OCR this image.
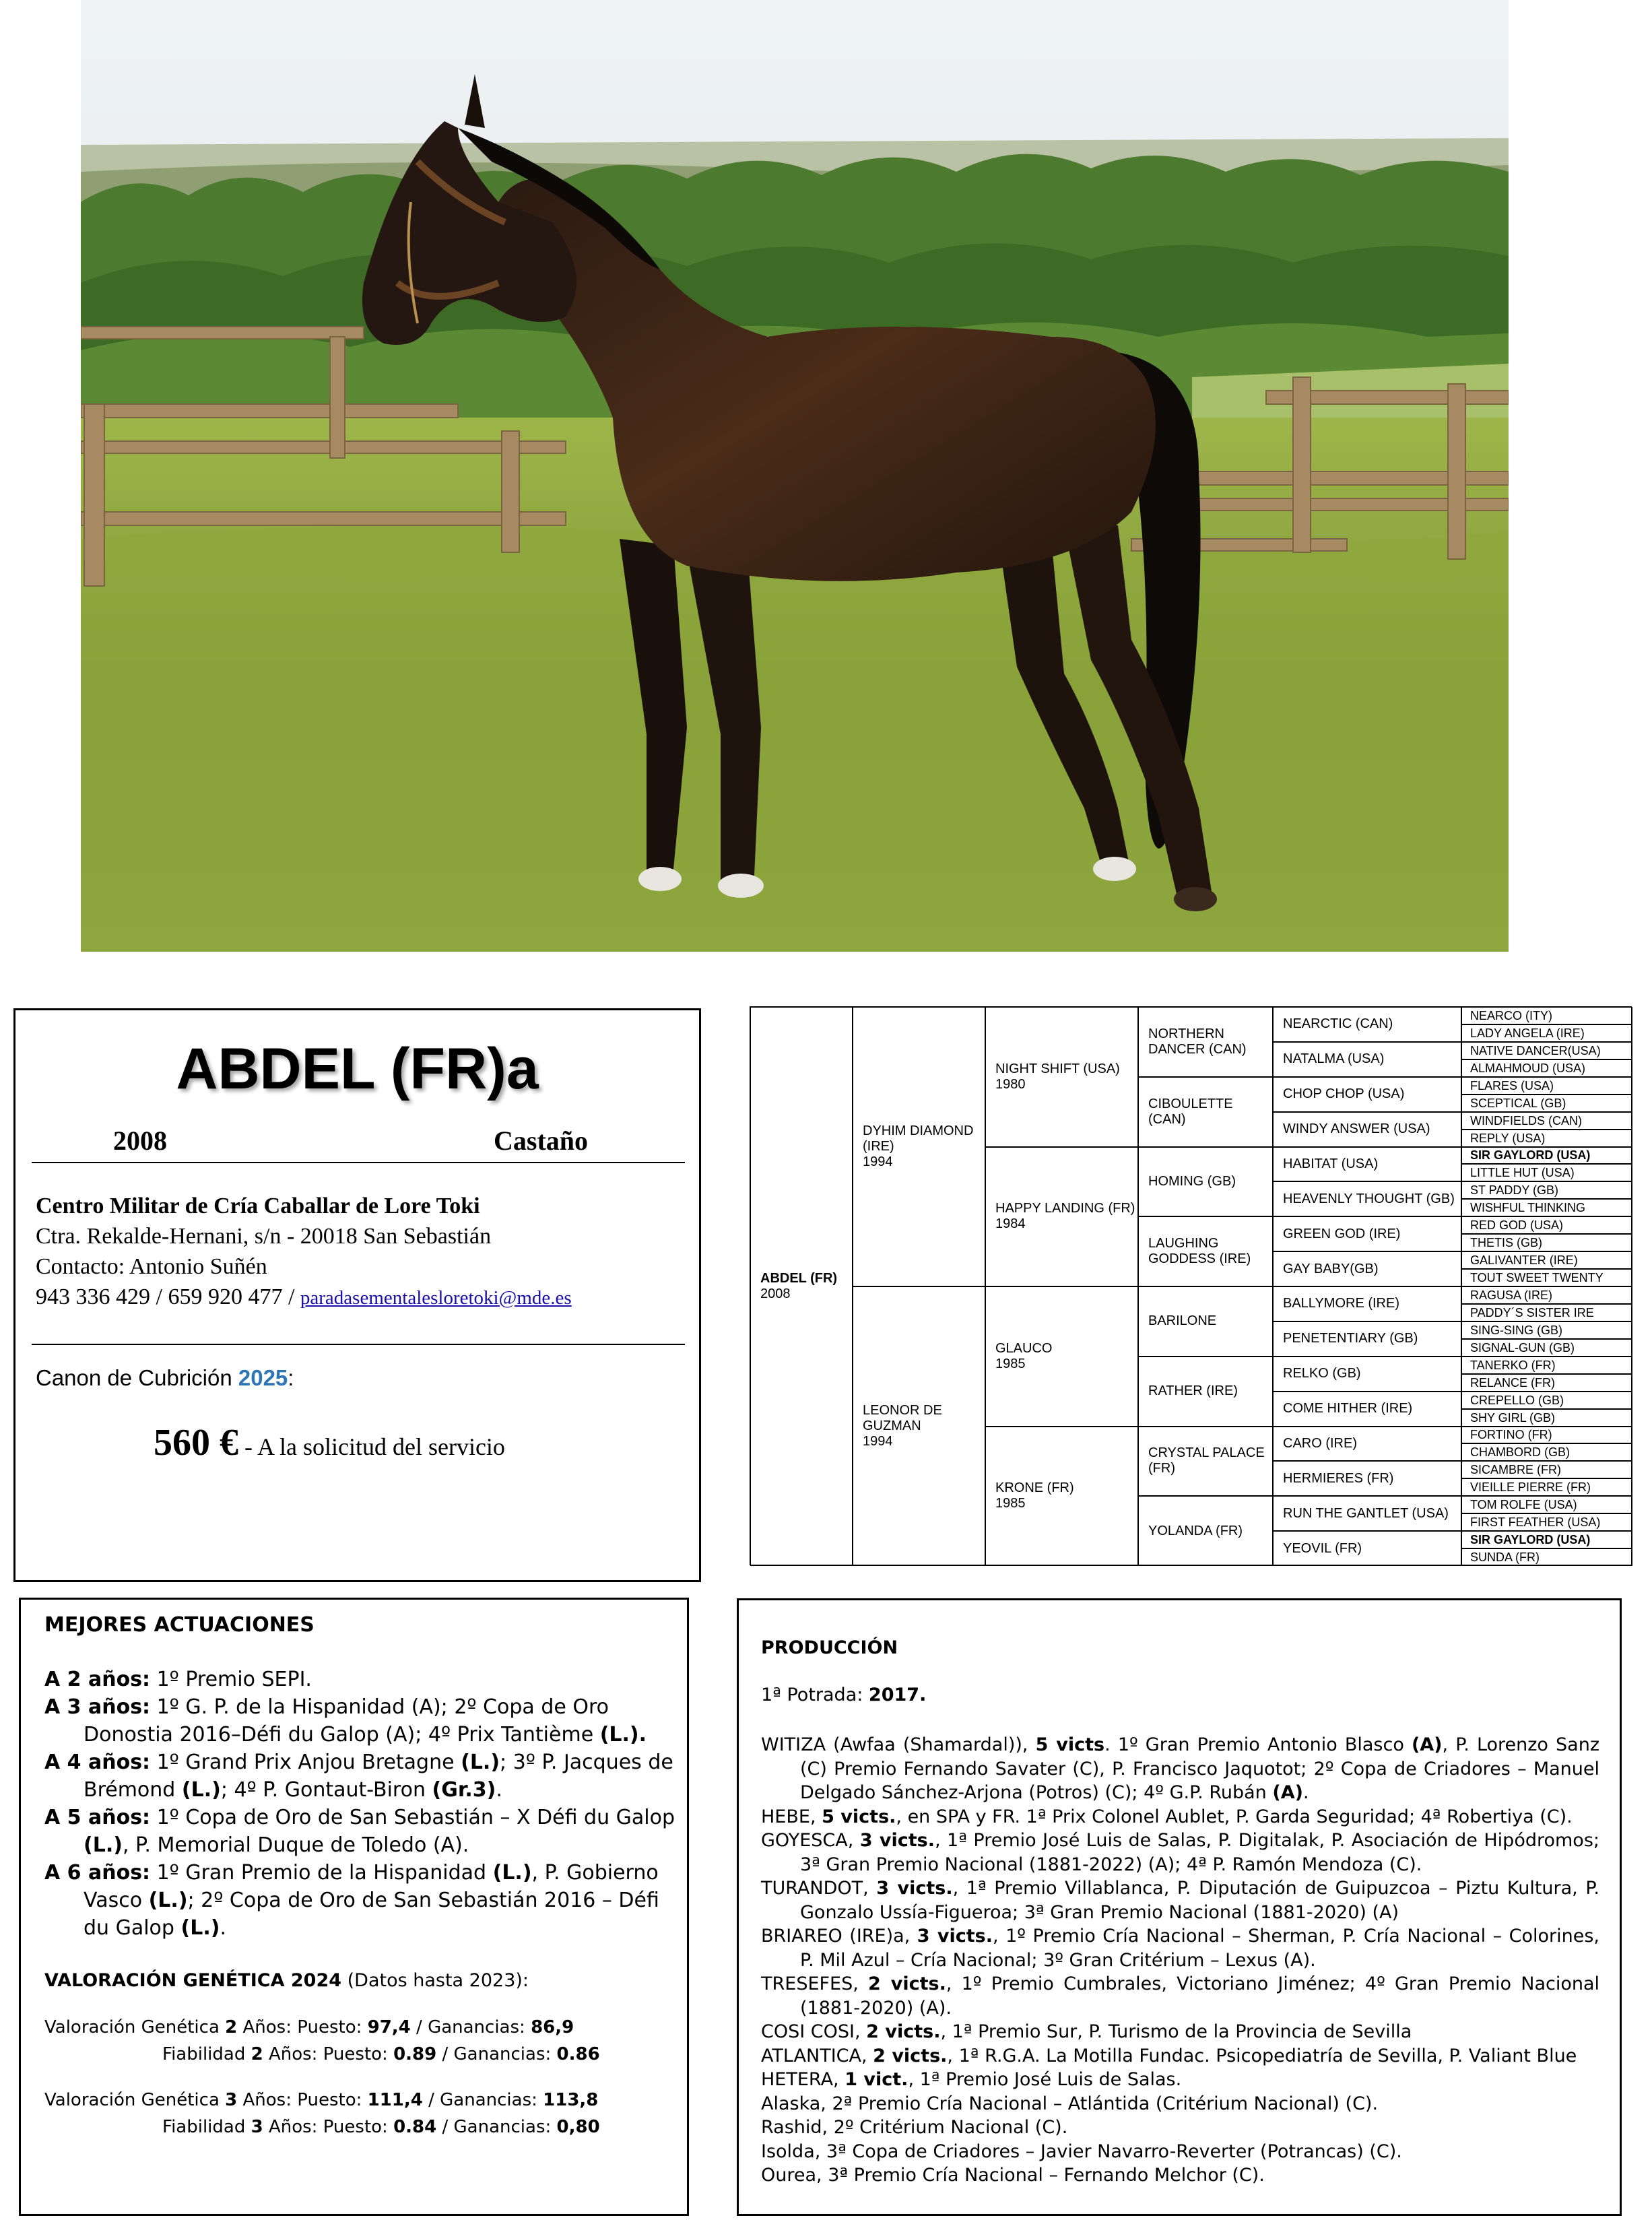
ABDEL (FR)a
2008	Castaño
Centro Militar de Cría Caballar de Lore Toki
Ctra. Rekalde-Hernani, s/n - 20018 San Sebastián
Contacto: Antonio Suñén
943 336 429 / 659 920 477 / paradasementaleslore​toki@mde.es
Canon de Cubrición 2025:
560 € - A la solicitud del servicio
ABDEL (FR)
2008
DYHIM DIAMOND (IRE)
1994
LEONOR DE GUZMAN
1994
NIGHT SHIFT (USA)
1980
HAPPY LANDING (FR)
1984
GLAUCO
1985
KRONE (FR)
1985
NORTHERN DANCER (CAN)
CIBOULETTE (CAN)
HOMING (GB)
LAUGHING GODDESS (IRE)
BARILONE
RATHER (IRE)
CRYSTAL PALACE (FR)
YOLANDA (FR)
NEARCTIC (CAN)
NATALMA (USA)
CHOP CHOP (USA)
WINDY ANSWER (USA)
HABITAT (USA)
HEAVENLY THOUGHT (GB)
GREEN GOD (IRE)
GAY BABY(GB)
BALLYMORE (IRE)
PENETENTIARY (GB)
RELKO (GB)
COME HITHER (IRE)
CARO (IRE)
HERMIERES (FR)
RUN THE GANTLET (USA)
YEOVIL (FR)
NEARCO (ITY)
LADY ANGELA (IRE)
NATIVE DANCER(USA)
ALMAHMOUD (USA)
FLARES (USA)
SCEPTICAL (GB)
WINDFIELDS (CAN)
REPLY (USA)
SIR GAYLORD (USA)
LITTLE HUT (USA)
ST PADDY (GB)
WISHFUL THINKING
RED GOD (USA)
THETIS (GB)
GALIVANTER (IRE)
TOUT SWEET TWENTY
RAGUSA (IRE)
PADDY´S SISTER IRE
SING-SING (GB)
SIGNAL-GUN (GB)
TANERKO (FR)
RELANCE (FR)
CREPELLO (GB)
SHY GIRL (GB)
FORTINO (FR)
CHAMBORD (GB)
SICAMBRE (FR)
VIEILLE PIERRE (FR)
TOM ROLFE (USA)
FIRST FEATHER (USA)
SIR GAYLORD (USA)
SUNDA (FR)
MEJORES ACTUACIONES
A 2 años: 1º Premio SEPI.
A 3 años: 1º G. P. de la Hispanidad (A); 2º Copa de Oro Donostia 2016–Défi du Galop (A); 4º Prix Tantième (L.).
A 4 años: 1º Grand Prix Anjou Bretagne (L.); 3º P. Jacques de Brémond (L.); 4º P. Gontaut-Biron (Gr.3).
A 5 años: 1º Copa de Oro de San Sebastián – X Défi du Galop (L.), P. Memorial Duque de Toledo (A).
A 6 años: 1º Gran Premio de la Hispanidad (L.), P. Gobierno Vasco (L.); 2º Copa de Oro de San Sebastián 2016 – Défi du Galop (L.).
VALORACIÓN GENÉTICA 2024 (Datos hasta 2023):
Valoración Genética 2 Años: Puesto: 97,4 / Ganancias: 86,9
Fiabilidad 2 Años: Puesto: 0.89 / Ganancias: 0.86
Valoración Genética 3 Años: Puesto: 111,4 / Ganancias: 113,8
Fiabilidad 3 Años: Puesto: 0.84 / Ganancias: 0,80
PRODUCCIÓN
1ª Potrada: 2017.
WITIZA (Awfaa (Shamardal)), 5 victs. 1º Gran Premio Antonio Blasco (A), P. Lorenzo Sanz (C) Premio Fernando Savater (C), P. Francisco Jaquotot; 2º Copa de Criadores – Manuel Delgado Sánchez-Arjona (Potros) (C); 4º G.P. Rubán (A).
HEBE, 5 victs., en SPA y FR. 1ª Prix Colonel Aublet, P. Garda Seguridad; 4ª Robertiya (C).
GOYESCA, 3 victs., 1ª Premio José Luis de Salas, P. Digitalak, P. Asociación de Hipódromos; 3ª Gran Premio Nacional (1881-2022) (A); 4ª P. Ramón Mendoza (C).
TURANDOT, 3 victs., 1ª Premio Villablanca, P. Diputación de Guipuzcoa – Piztu Kultura, P. Gonzalo Ussía-Figueroa; 3ª Gran Premio Nacional (1881-2020) (A)
BRIAREO (IRE)a, 3 victs., 1º Premio Cría Nacional – Sherman, P. Cría Nacional – Colorines, P. Mil Azul – Cría Nacional; 3º Gran Critérium – Lexus (A).
TRESEFES, 2 victs., 1º Premio Cumbrales, Victoriano Jiménez; 4º Gran Premio Nacional (1881-2020) (A).
COSI COSI, 2 victs., 1ª Premio Sur, P. Turismo de la Provincia de Sevilla
ATLANTICA, 2 victs., 1ª R.G.A. La Motilla Fundac. Psicopediatría de Sevilla, P. Valiant Blue
HETERA, 1 vict., 1ª Premio José Luis de Salas.
Alaska, 2ª Premio Cría Nacional – Atlántida (Critérium Nacional) (C).
Rashid, 2º Critérium Nacional (C).
Isolda, 3ª Copa de Criadores – Javier Navarro-Reverter (Potrancas) (C).
Ourea, 3ª Premio Cría Nacional – Fernando Melchor (C).
